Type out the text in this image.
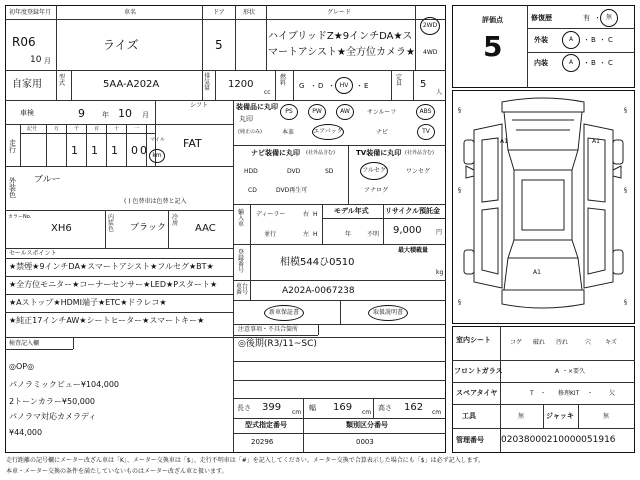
初年度登録年月
R06
10 月
車名
ライズ
ドア
5
形状	グレード
ハイブリッドZ★9インチDA★ス
マートアシスト★全方位カメラ★
2WD
4WD
自家用
型式	5AA-A202A
排気量 1200
cc
燃料 G ・ D ・ HV ・ E
定員 5
人
車検	9 年 10 月
シフト
FAT
走行
記号	万	千	百	十	一
1 1 1 0 0
マイル
km
外装色
ブルー
( ) 色替車は色替と記入
カラーNo.
XH6
内装色 ブラック
冷房 AAC
セールスポイント
★禁煙★9インチDA★スマートアシスト★フルセグ★BT★
★全方位モニター★コーナーセンサー★LED★Pスタート★
★Aストップ★HDMI端子★ETC★ドラレコ★
★純正17インチAW★シートヒーター★スマートキー★
検査記入欄
◎OP◎
パノラミックビュー¥104,000
2トーンカラー¥50,000
パノラマ対応カメラディ
¥44,000
装備品に丸印
(純正のみ)
丸印
PS	PW	AW	サンルーフ	ABS
本革	エアバック	ナビ	TV
ナビ装備に丸印 (社外品含む)
HDD	DVD	SD
CD	DVD再生可
TV装備に丸印 (社外品含む)
フルセグ	ワンセグ
アナログ
輸入車
ディーラー
並行
右 H
左 H
モデル年式
年	不明
リサイクル預託金
9,000 円
登録番号
相模544ひ0510
最大積載量
kg
車台番号	A202A-0067238
新車保証書	取扱説明書
注意事項・不具合箇所
◎後期(R3/11~SC)
長さ 399 cm
幅 169 cm
高さ 162 cm
型式指定番号
20296
類別区分番号
0003
評価点
5
修復歴	有 ・ 無
外装	A ・ B ・ C
内装	A ・ B ・ C
§
§
§
§
§
§
A1	A1
A1
室内シート	コゲ 破れ 汚れ	穴 キズ
フロントガラス	A ・ ×要久
スペアタイヤ	T ・ 修理KIT ・	欠
工具	無	ジャッキ	無
管理番号 02038000210000051916
走行距離の記号欄にメーター改ざん車は「K」、メーター交換車は「$」、走行不明車は「#」を記入してください。メーター交換で合算表示した場合にも「$」は必ず記入します。
本車・メーター交換の条件を満たしていないものはメーター改ざん車と扱います。
